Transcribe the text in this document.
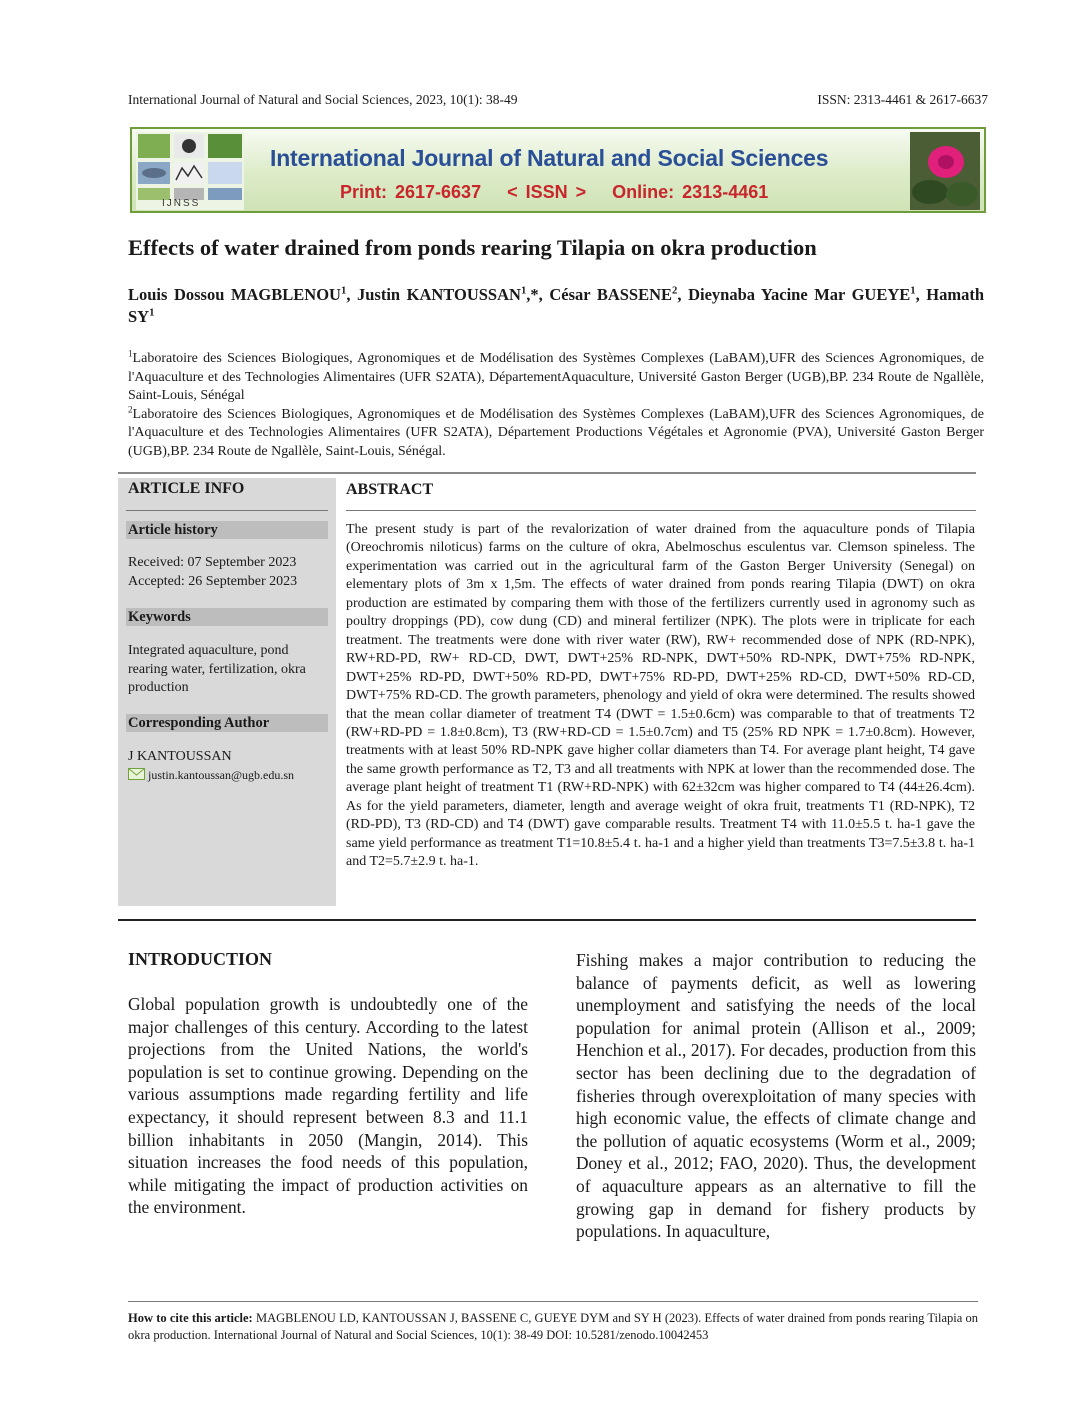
International Journal of Natural and Social Sciences, 2023, 10(1): 38-49	ISSN: 2313-4461 & 2617-6637
IJNSS
International Journal of Natural and Social Sciences
Print: 2617-6637 < ISSN > Online: 2313-4461
Effects of water drained from ponds rearing Tilapia on okra production
Louis Dossou MAGBLENOU$^1$, Justin KANTOUSSAN$^1$,*, César BASSENE$^2$, Dieynaba Yacine Mar GUEYE$^1$, Hamath $SY^1$
$^1$Laboratoire des Sciences Biologiques, Agronomiques et de Modélisation des Systèmes Complexes (LaBAM),UFR des Sciences Agronomiques, de l'Aquaculture et des Technologies Alimentaires (UFR S2ATA), DépartementAquaculture, Université Gaston Berger (UGB),BP. 234 Route de Ngallèle, Saint-Louis, Sénégal
$^2$Laboratoire des Sciences Biologiques, Agronomiques et de Modélisation des Systèmes Complexes (LaBAM),UFR des Sciences Agronomiques, de l'Aquaculture et des Technologies Alimentaires (UFR S2ATA), Département Productions Végétales et Agronomie (PVA), Université Gaston Berger (UGB),BP. 234 Route de Ngallèle, Saint-Louis, Sénégal.
ARTICLE INFO
Article history
Received: 07 September 2023
Accepted: 26 September 2023
Keywords
Integrated aquaculture, pond rearing water, fertilization, okra production
Corresponding Author
J KANTOUSSAN
justin.kantoussan@ugb.edu.sn
ABSTRACT
The present study is part of the revalorization of water drained from the aquaculture ponds of Tilapia (Oreochromis niloticus) farms on the culture of okra, Abelmoschus esculentus var. Clemson spineless. The experimentation was carried out in the agricultural farm of the Gaston Berger University (Senegal) on elementary plots of 3m x 1,5m. The effects of water drained from ponds rearing Tilapia (DWT) on okra production are estimated by comparing them with those of the fertilizers currently used in agronomy such as poultry droppings (PD), cow dung (CD) and mineral fertilizer (NPK). The plots were in triplicate for each treatment. The treatments were done with river water (RW), RW+ recommended dose of NPK (RD-NPK), RW+RD-PD, RW+ RD-CD, DWT, DWT+25% RD-NPK, DWT+50% RD-NPK, DWT+75% RD-NPK, DWT+25% RD-PD, DWT+50% RD-PD, DWT+75% RD-PD, DWT+25% RD-CD, DWT+50% RD-CD, DWT+75% RD-CD. The growth parameters, phenology and yield of okra were determined. The results showed that the mean collar diameter of treatment T4 (DWT = 1.5±0.6cm) was comparable to that of treatments T2 (RW+RD-PD = 1.8±0.8cm), T3 (RW+RD-CD = 1.5±0.7cm) and T5 (25% RD NPK = 1.7±0.8cm). However, treatments with at least 50% RD-NPK gave higher collar diameters than T4. For average plant height, T4 gave the same growth performance as T2, T3 and all treatments with NPK at lower than the recommended dose. The average plant height of treatment T1 (RW+RD-NPK) with 62±32cm was higher compared to T4 (44±26.4cm). As for the yield parameters, diameter, length and average weight of okra fruit, treatments T1 (RD-NPK), T2 (RD-PD), T3 (RD-CD) and T4 (DWT) gave comparable results. Treatment T4 with 11.0±5.5 t. ha-1 gave the same yield performance as treatment T1=10.8±5.4 t. ha-1 and a higher yield than treatments T3=7.5±3.8 t. ha-1 and T2=5.7±2.9 t. ha-1.
INTRODUCTION
Global population growth is undoubtedly one of the major challenges of this century. According to the latest projections from the United Nations, the world's population is set to continue growing. Depending on the various assumptions made regarding fertility and life expectancy, it should represent between 8.3 and 11.1 billion inhabitants in 2050 (Mangin, 2014). This situation increases the food needs of this population, while mitigating the impact of production activities on the environment.
Fishing makes a major contribution to reducing the balance of payments deficit, as well as lowering unemployment and satisfying the needs of the local population for animal protein (Allison et al., 2009; Henchion et al., 2017). For decades, production from this sector has been declining due to the degradation of fisheries through overexploitation of many species with high economic value, the effects of climate change and the pollution of aquatic ecosystems (Worm et al., 2009; Doney et al., 2012; FAO, 2020). Thus, the development of aquaculture appears as an alternative to fill the growing gap in demand for fishery products by populations. In aquaculture,
How to cite this article: MAGBLENOU LD, KANTOUSSAN J, BASSENE C, GUEYE DYM and SY H (2023). Effects of water drained from ponds rearing Tilapia on okra production. International Journal of Natural and Social Sciences, 10(1): 38-49 DOI: 10.5281/zenodo.10042453
